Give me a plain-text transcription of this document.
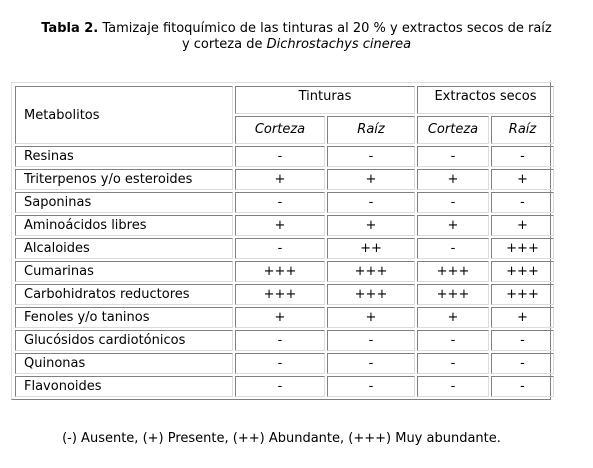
Tabla 2. Tamizaje fitoquímico de las tinturas al 20 % y extractos secos de raíz
y corteza de Dichrostachys cinerea
Metabolitos	Tinturas		Extractos secos	
	Corteza	Raíz	Corteza	Raíz
Resinas	-	-	-	-
Triterpenos y/o esteroides	+	+	+	+
Saponinas	-	-	-	-
Aminoácidos libres	+	+	+	+
Alcaloides	-	++	-	+++
Cumarinas	+++	+++	+++	+++
Carbohidratos reductores	+++	+++	+++	+++
Fenoles y/o taninos	+	+	+	+
Glucósidos cardiotónicos	-	-	-	-
Quinonas	-	-	-	-
Flavonoides	-	-	-	-
(-) Ausente, (+) Presente, (++) Abundante, (+++) Muy abundante.
